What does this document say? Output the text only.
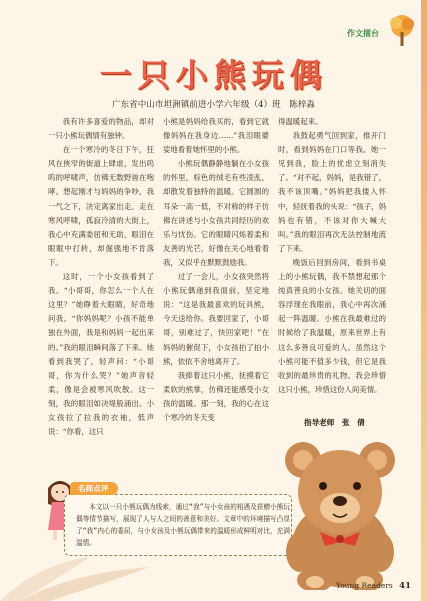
作文擂台
一只小熊玩偶
广东省中山市坦洲镇前进小学六年级（4）班　陈梓淼

我有许多喜爱的物品，却对一只小熊玩偶情有独钟。

在一个寒冷的冬日下午，狂风在俠窄的街道上肆虐，发出呜呜的呼啸声，仿佛无数野兽在咆哮。想起刚才与妈妈的争吵，我一气之下，决定离家出走。走在寒风呼啸，孤寂冷清的大街上，我心中充满委屈和无助，眼泪在眼眶中打转，却倔强地不肯落下。

这时，一个小女孩看到了我。“小哥哥，你怎么一个人在这里？”她睁着大眼睛，好奇地问我。“你妈妈呢？小孩不能单独在外面，我是和妈妈一起出来的。”我的眼泪瞬间落了下来。她看到我哭了，轻声问：“小哥哥，你为什么哭？”她声音轻柔，像是会被寒风吹散。这一刻，我的眼泪如决堤般涌出。小女孩拉了拉我的衣袖，低声说：“你看，这只

小熊是妈妈给我买的，看到它就像妈妈在我身边……”我泪眼婆娑地看着她怀里的小熊。

小熊玩偶静静地躺在小女孩的怀里，棕色的绒毛有些凌乱，却散发着独特的温暖。它圆圆的耳朵一高一低，不对称的样子仿佛在讲述与小女孩共同经历的欢乐与忧伤。它的眼睛闪烁着柔和友善的光芒，好像在关心地看着我，又似乎在默默鼓励我。

过了一会儿，小女孩突然将小熊玩偶递到我面前，坚定地说：“这是我最喜欢的玩具熊，今天送给你。我要回家了，小哥哥，别难过了，快回家吧！”在妈妈的催促下，小女孩拍了拍小熊，依依不舍地离开了。

我捧着这只小熊，抚摸着它柔软的熊掌，仿佛还能感受小女孩的温暖。那一刻，我的心在这个寒冷的冬天变

得温暖起来。

我鼓起勇气回到家，推开门时，看到妈妈在门口等我。她一见到我，脸上的忧虑立刻消失了。“对不起，妈妈，是我错了，我不该顶嘴。”妈妈把我搂入怀中，轻抚着我的头说：“孩子，妈妈也有错，不该对你大喊大叫。”我的眼泪再次无法控制地流了下来。

晚饭后回到房间，看到书桌上的小熊玩偶，我不禁想起那个纯真善良的小女孩。她关切的面容浮现在我眼前，我心中再次涌起一阵温暖。小熊在我最难过的时候给了我温暖，原来世界上有这么多善良可爱的人。虽然这个小熊可能不值多少钱，但它是我收到的最珍贵的礼物。我会珍惜这只小熊，珍惜这份人间美情。

指导老师　张　倩
名师点评
本文以一只小熊玩偶为线索，通过“我”与小女孩的相遇及获赠小熊玩偶等情节描写，展现了人与人之间的善意和美好。文章中的环境描写凸显了“我”内心的委屈，与小女孩及小熊玩偶带来的温暖形成鲜明对比，充满温情。
Young Readers 41
